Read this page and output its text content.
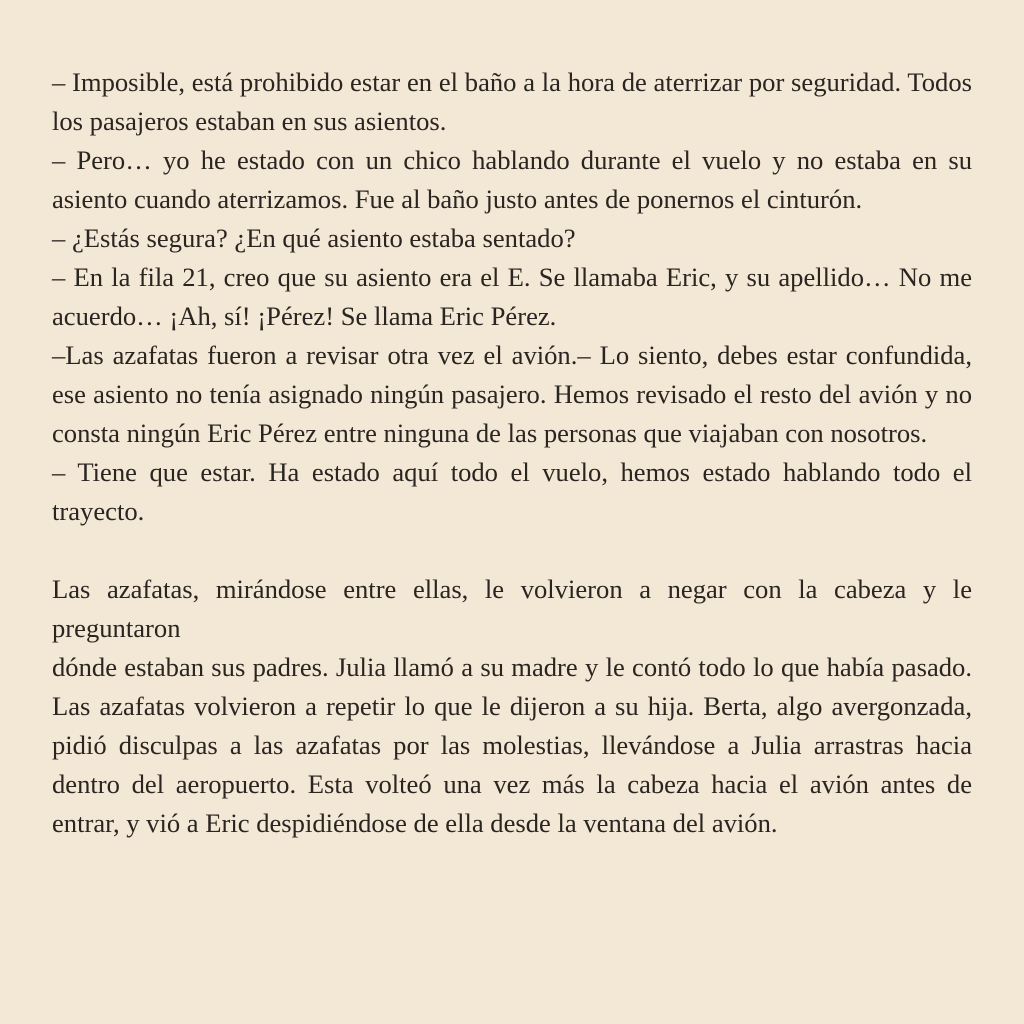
– Imposible, está prohibido estar en el baño a la hora de aterrizar por seguridad. Todos los pasajeros estaban en sus asientos.

– Pero… yo he estado con un chico hablando durante el vuelo y no estaba en su asiento cuando aterrizamos. Fue al baño justo antes de ponernos el cinturón.

– ¿Estás segura? ¿En qué asiento estaba sentado?

– En la fila 21, creo que su asiento era el E. Se llamaba Eric, y su apellido… No me acuerdo… ¡Ah, sí! ¡Pérez! Se llama Eric Pérez.

–Las azafatas fueron a revisar otra vez el avión.– Lo siento, debes estar confundida, ese asiento no tenía asignado ningún pasajero. Hemos revisado el resto del avión y no consta ningún Eric Pérez entre ninguna de las personas que viajaban con nosotros.

– Tiene que estar. Ha estado aquí todo el vuelo, hemos estado hablando todo el trayecto.

Las azafatas, mirándose entre ellas, le volvieron a negar con la cabeza y le preguntaron

dónde estaban sus padres. Julia llamó a su madre y le contó todo lo que había pasado. Las azafatas volvieron a repetir lo que le dijeron a su hija. Berta, algo avergonzada, pidió disculpas a las azafatas por las molestias, llevándose a Julia arrastras hacia dentro del aeropuerto. Esta volteó una vez más la cabeza hacia el avión antes de entrar, y vió a Eric despidiéndose de ella desde la ventana del avión.
